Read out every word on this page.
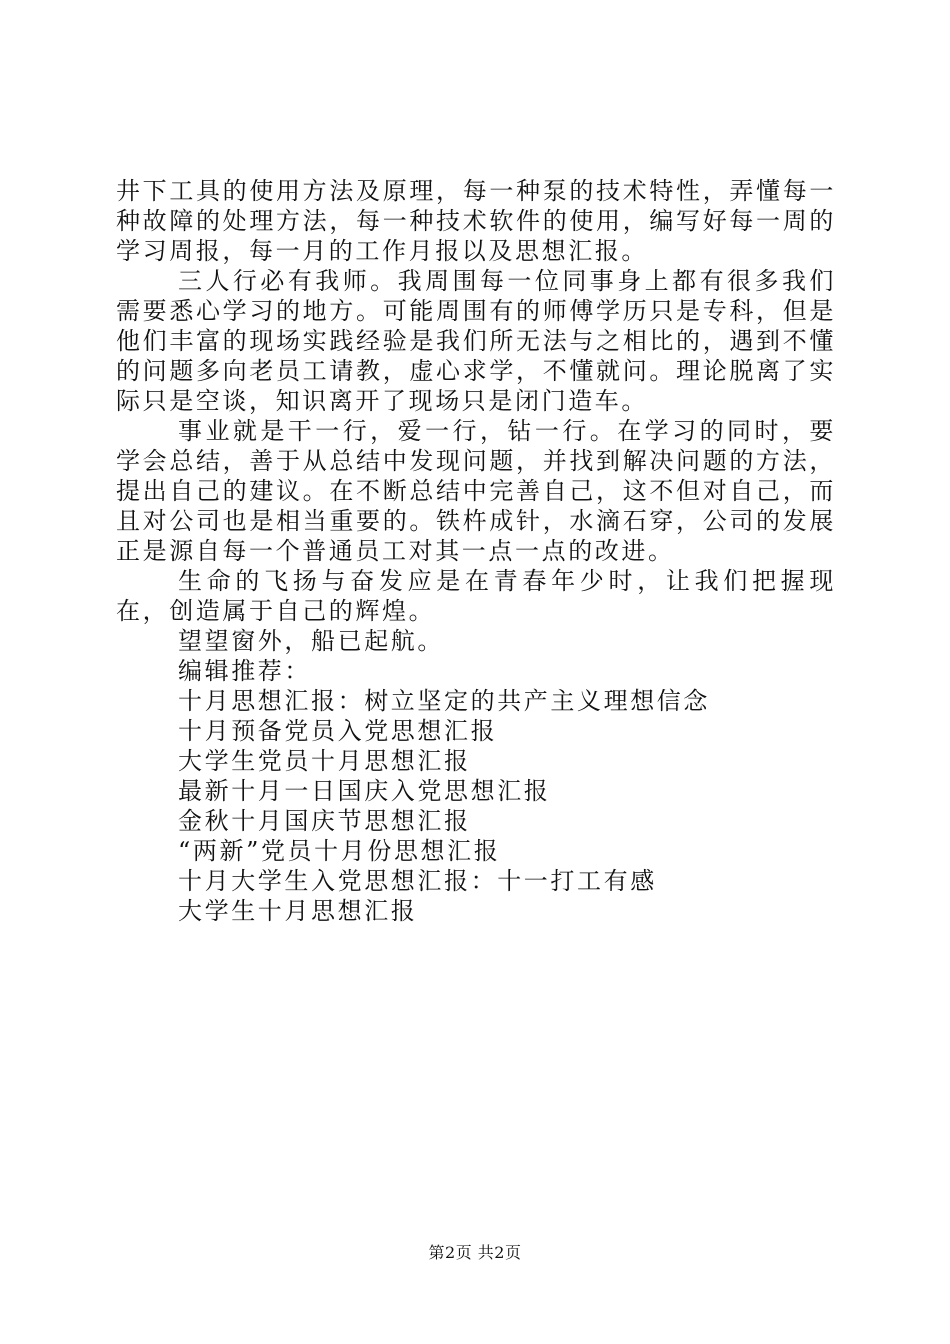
井下工具的使用方法及原理，每一种泵的技术特性，弄懂每一种故障的处理方法，每一种技术软件的使用，编写好每一周的学习周报，每一月的工作月报以及思想汇报。

三人行必有我师。我周围每一位同事身上都有很多我们需要悉心学习的地方。可能周围有的师傅学历只是专科，但是他们丰富的现场实践经验是我们所无法与之相比的，遇到不懂的问题多向老员工请教，虚心求学，不懂就问。理论脱离了实际只是空谈，知识离开了现场只是闭门造车。

事业就是干一行，爱一行，钻一行。在学习的同时，要学会总结，善于从总结中发现问题，并找到解决问题的方法，提出自己的建议。在不断总结中完善自己，这不但对自己，而且对公司也是相当重要的。铁杵成针，水滴石穿，公司的发展正是源自每一个普通员工对其一点一点的改进。

生命的飞扬与奋发应是在青春年少时，让我们把握现在，创造属于自己的辉煌。

望望窗外，船已起航。

编辑推荐：

十月思想汇报：树立坚定的共产主义理想信念
十月预备党员入党思想汇报
大学生党员十月思想汇报
最新十月一日国庆入党思想汇报
金秋十月国庆节思想汇报
“两新”党员十月份思想汇报
十月大学生入党思想汇报：十一打工有感
大学生十月思想汇报
第2页 共2页
